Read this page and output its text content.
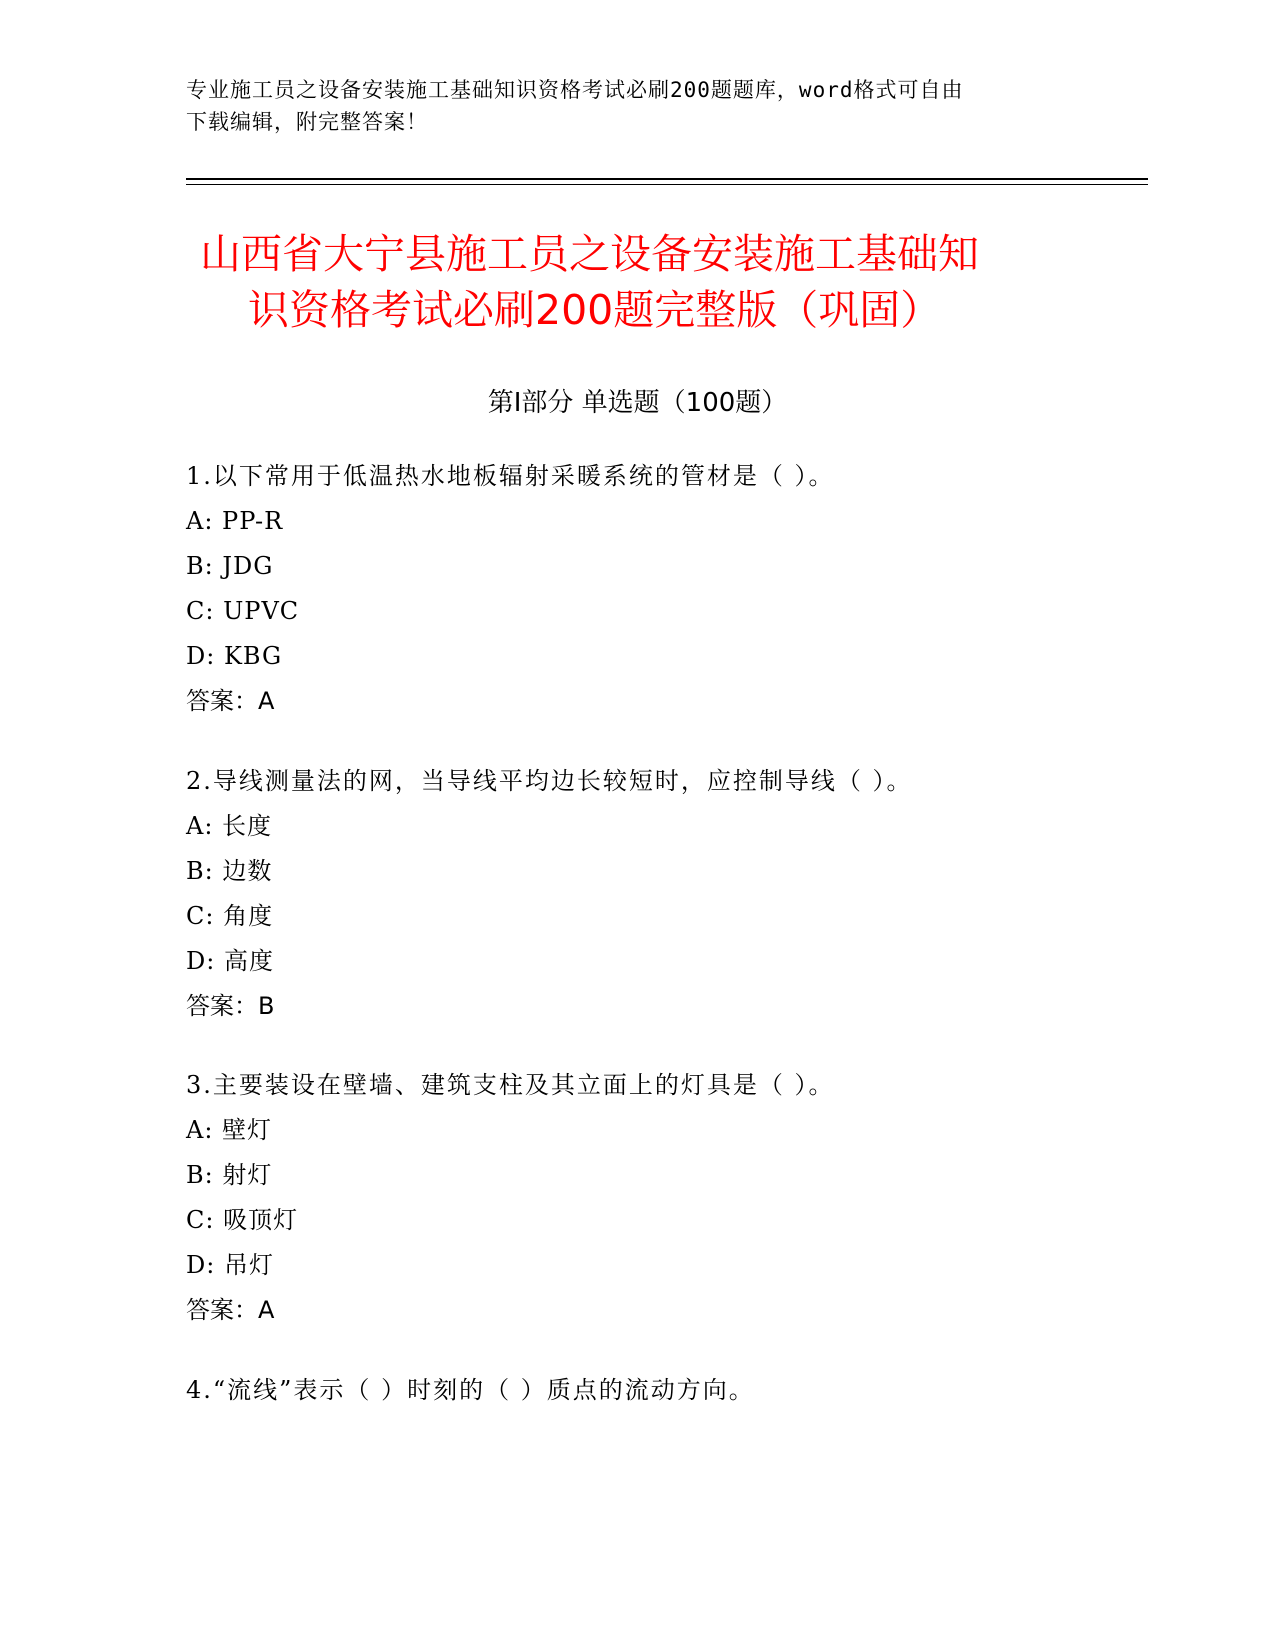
专业施工员之设备安装施工基础知识资格考试必刷200题题库，word格式可自由
下载编辑，附完整答案！
山西省大宁县施工员之设备安装施工基础知
识资格考试必刷200题完整版（巩固）
第Ⅰ部分 单选题（100题）
1.以下常用于低温热水地板辐射采暖系统的管材是（ ）。
A: PP-R
B: JDG
C: UPVC
D: KBG
答案：A
2.导线测量法的网，当导线平均边长较短时，应控制导线（ ）。
A: 长度
B: 边数
C: 角度
D: 高度
答案：B
3.主要装设在壁墙、建筑支柱及其立面上的灯具是（ ）。
A: 壁灯
B: 射灯
C: 吸顶灯
D: 吊灯
答案：A
4.“流线”表示（ ）时刻的（ ）质点的流动方向。
